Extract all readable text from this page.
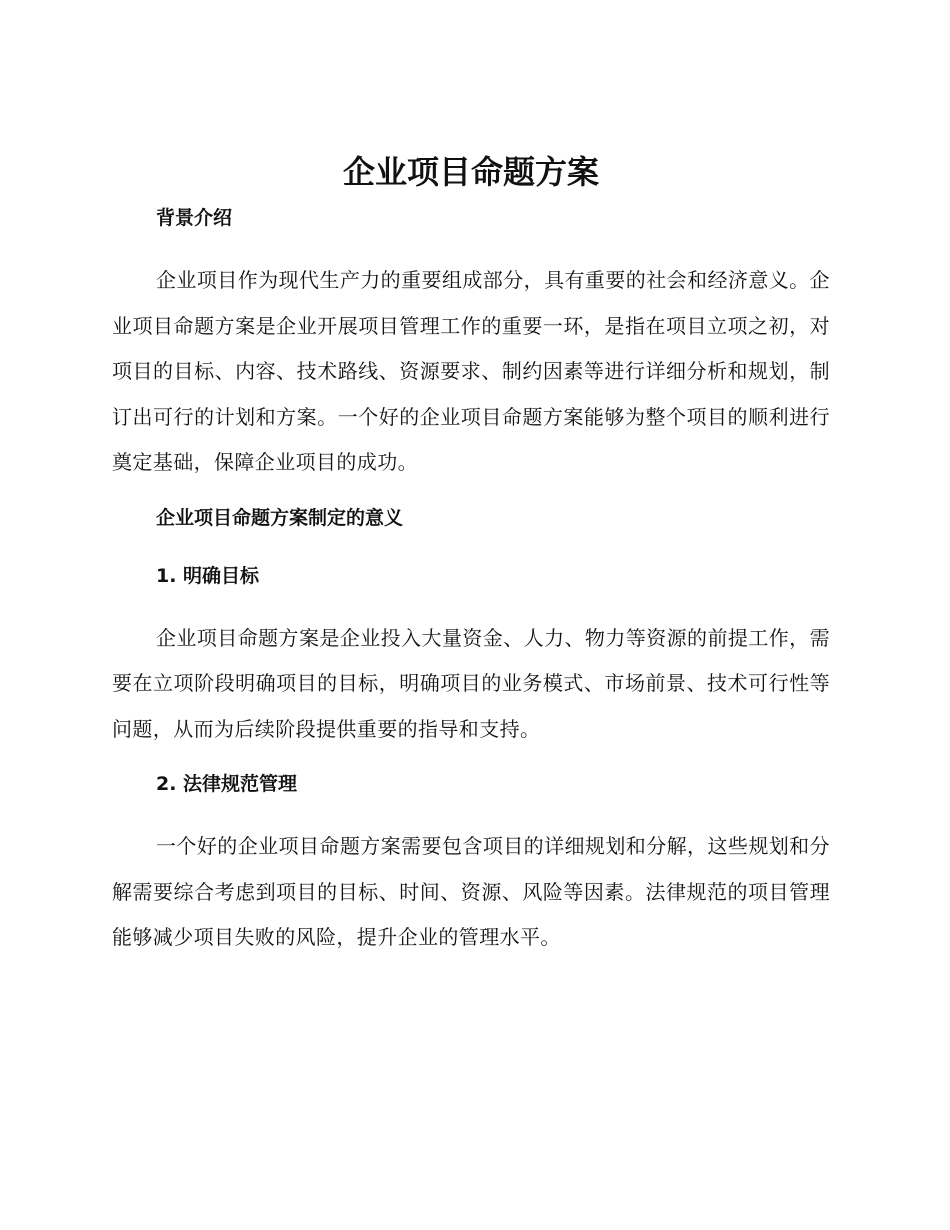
企业项目命题方案
背景介绍

企业项目作为现代生产力的重要组成部分，具有重要的社会和经济意义。企业项目命题方案是企业开展项目管理工作的重要一环，是指在项目立项之初，对项目的目标、内容、技术路线、资源要求、制约因素等进行详细分析和规划，制订出可行的计划和方案。一个好的企业项目命题方案能够为整个项目的顺利进行奠定基础，保障企业项目的成功。

企业项目命题方案制定的意义
1. 明确目标

企业项目命题方案是企业投入大量资金、人力、物力等资源的前提工作，需要在立项阶段明确项目的目标，明确项目的业务模式、市场前景、技术可行性等问题，从而为后续阶段提供重要的指导和支持。

2. 法律规范管理

一个好的企业项目命题方案需要包含项目的详细规划和分解，这些规划和分解需要综合考虑到项目的目标、时间、资源、风险等因素。法律规范的项目管理能够减少项目失败的风险，提升企业的管理水平。
